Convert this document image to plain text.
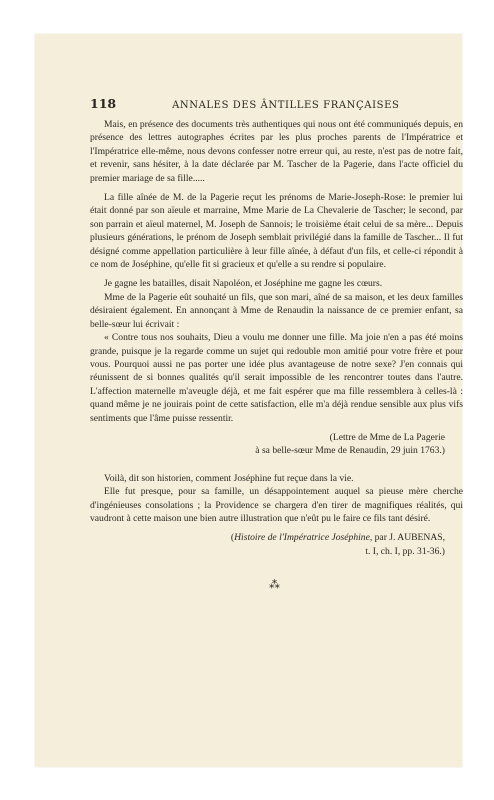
118	ANNALES DES ÂNTILLES FRANÇAISES

Mais, en présence des documents très authentiques qui nous ont été communiqués depuis, en présence des lettres autographes écrites par les plus proches parents de l'Impératrice et l'Impératrice elle-même, nous devons confesser notre erreur qui, au reste, n'est pas de notre fait, et revenir, sans hésiter, à la date déclarée par M. Tascher de la Pagerie, dans l'acte officiel du premier mariage de sa fille.....

La fille aînée de M. de la Pagerie reçut les prénoms de Marie-Joseph-Rose: le premier lui était donné par son aïeule et marraine, Mme Marie de La Chevalerie de Tascher; le second, par son parrain et aïeul maternel, M. Joseph de Sannois; le troisième était celui de sa mère... Depuis plusieurs générations, le prénom de Joseph semblait privilégié dans la famille de Tascher... Il fut désigné comme appellation particulière à leur fille aînée, à défaut d'un fils, et celle-ci répondit à ce nom de Joséphine, qu'elle fit si gracieux et qu'elle a su rendre si populaire.

Je gagne les batailles, disait Napoléon, et Joséphine me gagne les cœurs.

Mme de la Pagerie eût souhaité un fils, que son mari, aîné de sa maison, et les deux familles désiraient également. En annonçant à Mme de Renaudin la naissance de ce premier enfant, sa belle-sœur lui écrivait :

« Contre tous nos souhaits, Dieu a voulu me donner une fille. Ma joie n'en a pas été moins grande, puisque je la regarde comme un sujet qui redouble mon amitié pour votre frère et pour vous. Pourquoi aussi ne pas porter une idée plus avantageuse de notre sexe? J'en connais qui réunissent de si bonnes qualités qu'il serait impossible de les rencontrer toutes dans l'autre. L'affection maternelle m'aveugle déjà, et me fait espérer que ma fille ressemblera à celles-là : quand même je ne jouirais point de cette satisfaction, elle m'a déjà rendue sensible aux plus vifs sentiments que l'âme puisse ressentir.

(Lettre de Mme de La Pagerie

à sa belle-sœur Mme de Renaudin, 29 juin 1763.)

Voilà, dit son historien, comment Joséphine fut reçue dans la vie.

Elle fut presque, pour sa famille, un désappointement auquel sa pieuse mère cherche d'ingénieuses consolations ; la Providence se chargera d'en tirer de magnifiques réalités, qui vaudront à cette maison une bien autre illustration que n'eût pu le faire ce fils tant désiré.

(Histoire de l'Impératrice Joséphine, par J. AUBENAS,

t. I, ch. I, pp. 31-36.)

⁂
